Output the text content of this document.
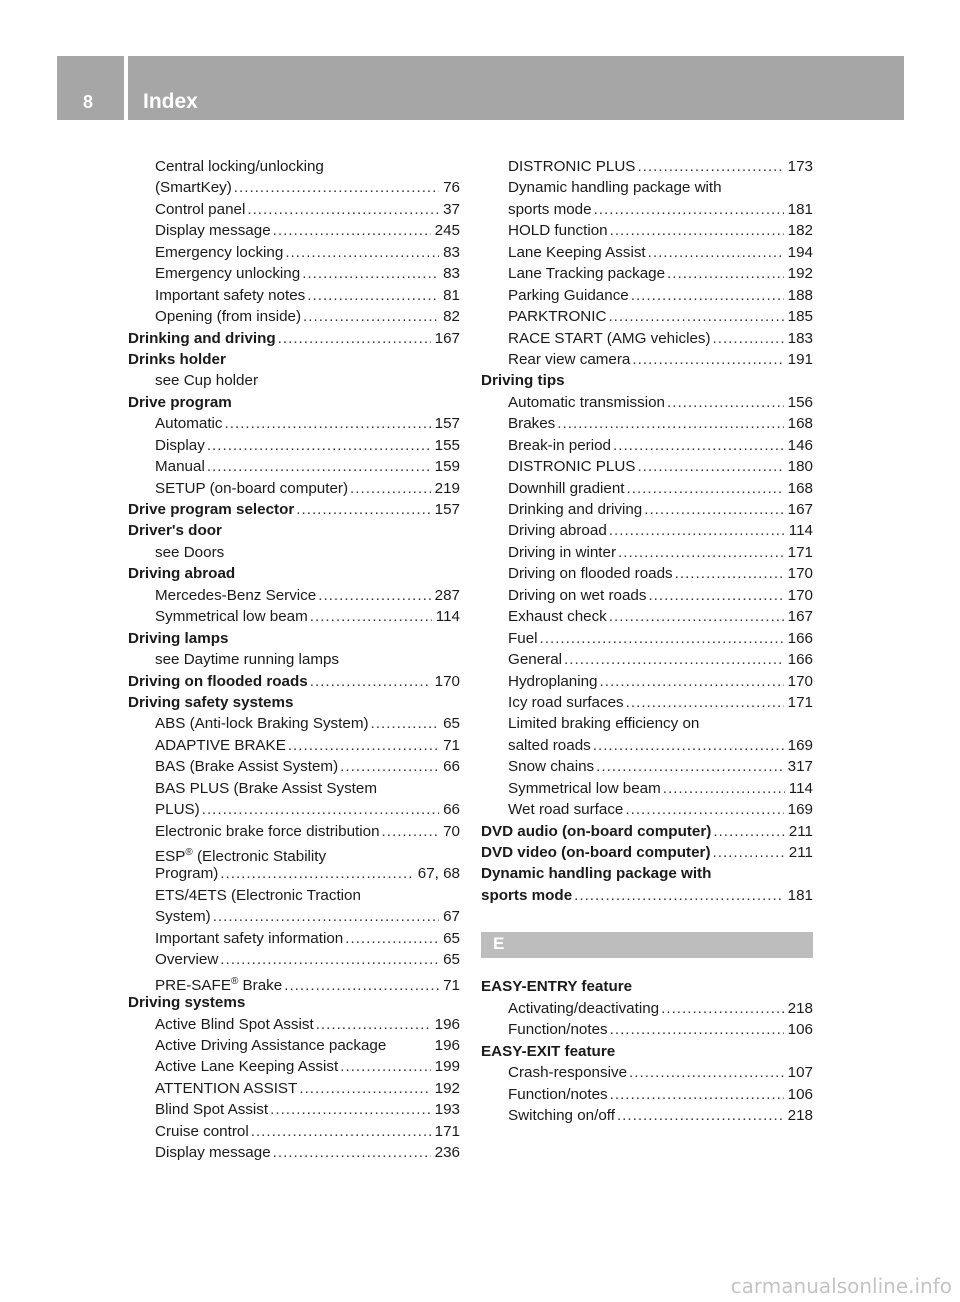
8 Index
Central locking/unlocking
(SmartKey) .....	76
Control panel .....	37
Display message .....	245
Emergency locking .....	83
Emergency unlocking .....	83
Important safety notes .....	81
Opening (from inside) .....	82
Drinking and driving .....	167
Drinks holder
see Cup holder
Drive program
Automatic .....	157
Display .....	155
Manual .....	159
SETUP (on-board computer) .....	219
Drive program selector .....	157
Driver's door
see Doors
Driving abroad
Mercedes-Benz Service .....	287
Symmetrical low beam .....	114
Driving lamps
see Daytime running lamps
Driving on flooded roads .....	170
Driving safety systems
ABS (Anti-lock Braking System) .....	65
ADAPTIVE BRAKE .....	71
BAS (Brake Assist System) .....	66
BAS PLUS (Brake Assist System
PLUS) .....	66
Electronic brake force distribution .....	70
ESP® (Electronic Stability
Program) .....	67, 68
ETS/4ETS (Electronic Traction
System) .....	67
Important safety information .....	65
Overview .....	65
PRE-SAFE® Brake .....	71
Driving systems
Active Blind Spot Assist .....	196
Active Driving Assistance package	196
Active Lane Keeping Assist .....	199
ATTENTION ASSIST .....	192
Blind Spot Assist .....	193
Cruise control .....	171
Display message .....	236
DISTRONIC PLUS .....	173
Dynamic handling package with
sports mode .....	181
HOLD function .....	182
Lane Keeping Assist .....	194
Lane Tracking package .....	192
Parking Guidance .....	188
PARKTRONIC .....	185
RACE START (AMG vehicles) .....	183
Rear view camera .....	191
Driving tips
Automatic transmission .....	156
Brakes .....	168
Break-in period .....	146
DISTRONIC PLUS .....	180
Downhill gradient .....	168
Drinking and driving .....	167
Driving abroad .....	114
Driving in winter .....	171
Driving on flooded roads .....	170
Driving on wet roads .....	170
Exhaust check .....	167
Fuel .....	166
General .....	166
Hydroplaning .....	170
Icy road surfaces .....	171
Limited braking efficiency on
salted roads .....	169
Snow chains .....	317
Symmetrical low beam .....	114
Wet road surface .....	169
DVD audio (on-board computer) .....	211
DVD video (on-board computer) .....	211
Dynamic handling package with
sports mode .....	181
E
EASY-ENTRY feature
Activating/deactivating .....	218
Function/notes .....	106
EASY-EXIT feature
Crash-responsive .....	107
Function/notes .....	106
Switching on/off .....	218
carmanualsonline.info
